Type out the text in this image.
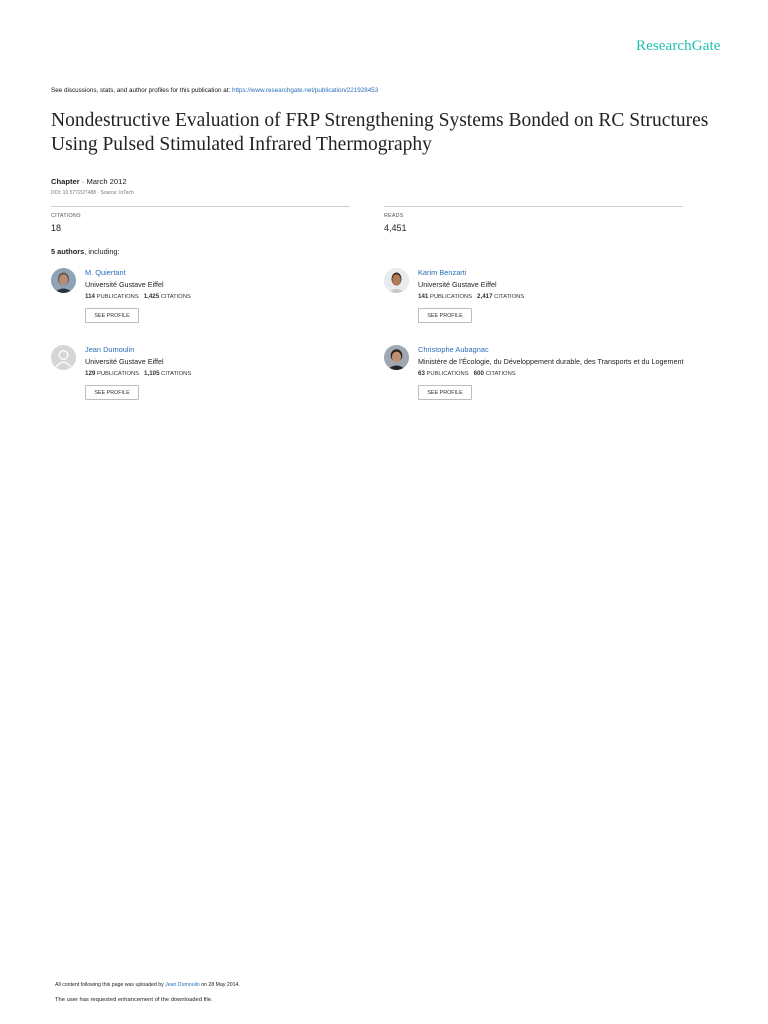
ResearchGate
See discussions, stats, and author profiles for this publication at: https://www.researchgate.net/publication/221928453
Nondestructive Evaluation of FRP Strengthening Systems Bonded on RC Structures Using Pulsed Stimulated Infrared Thermography
Chapter · March 2012
DOI: 10.5772/27488 · Source: InTech
CITATIONS
18
READS
4,451
5 authors, including:
M. Quiertant
Université Gustave Eiffel
114 PUBLICATIONS 1,425 CITATIONS
SEE PROFILE
Karim Benzarti
Université Gustave Eiffel
141 PUBLICATIONS 2,417 CITATIONS
SEE PROFILE
Jean Dumoulin
Université Gustave Eiffel
129 PUBLICATIONS 1,105 CITATIONS
SEE PROFILE
Christophe Aubagnac
Ministère de l'Écologie, du Développement durable, des Transports et du Logement
63 PUBLICATIONS 600 CITATIONS
SEE PROFILE
All content following this page was uploaded by Jean Dumoulin on 28 May 2014.
The user has requested enhancement of the downloaded file.
